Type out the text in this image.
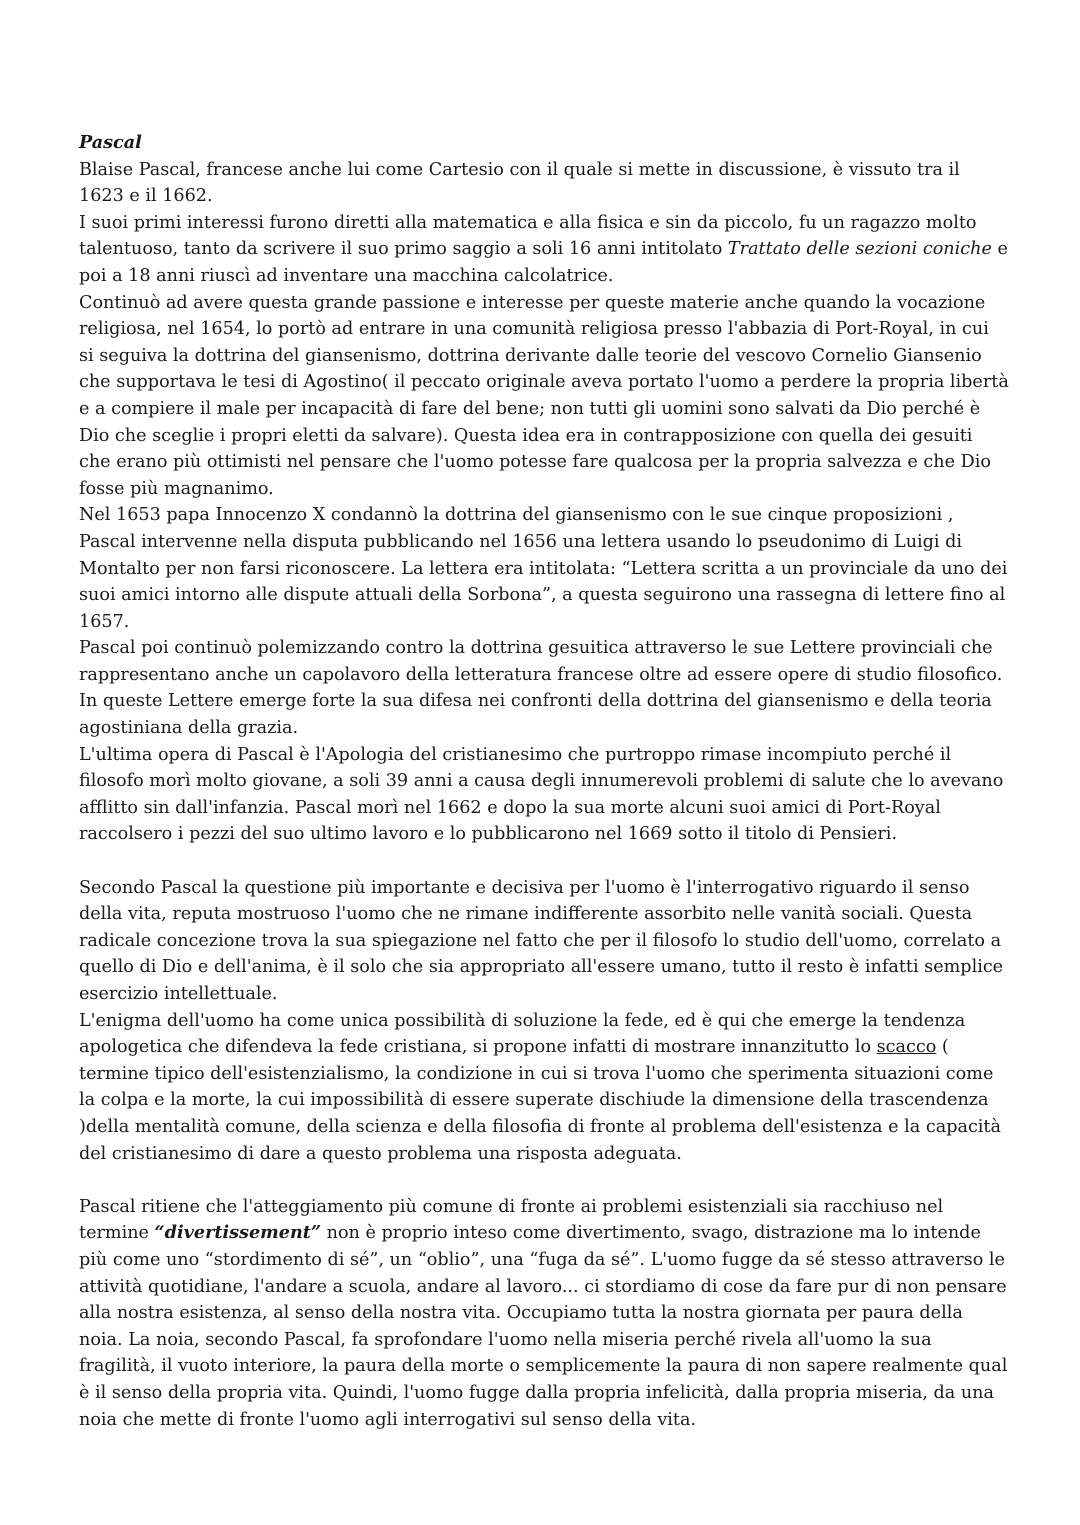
Pascal

Blaise Pascal, francese anche lui come Cartesio con il quale si mette in discussione, è vissuto tra il 1623 e il 1662.

I suoi primi interessi furono diretti alla matematica e alla fisica e sin da piccolo, fu un ragazzo molto talentuoso, tanto da scrivere il suo primo saggio a soli 16 anni intitolato Trattato delle sezioni coniche e poi a 18 anni riuscì ad inventare una macchina calcolatrice.

Continuò ad avere questa grande passione e interesse per queste materie anche quando la vocazione religiosa, nel 1654, lo portò ad entrare in una comunità religiosa presso l'abbazia di Port-Royal, in cui si seguiva la dottrina del giansenismo, dottrina derivante dalle teorie del vescovo Cornelio Giansenio che supportava le tesi di Agostino( il peccato originale aveva portato l'uomo a perdere la propria libertà e a compiere il male per incapacità di fare del bene; non tutti gli uomini sono salvati da Dio perché è Dio che sceglie i propri eletti da salvare). Questa idea era in contrapposizione con quella dei gesuiti che erano più ottimisti nel pensare che l'uomo potesse fare qualcosa per la propria salvezza e che Dio fosse più magnanimo.

Nel 1653 papa Innocenzo X condannò la dottrina del giansenismo con le sue cinque proposizioni , Pascal intervenne nella disputa pubblicando nel 1656 una lettera usando lo pseudonimo di Luigi di Montalto per non farsi riconoscere. La lettera era intitolata: “Lettera scritta a un provinciale da uno dei suoi amici intorno alle dispute attuali della Sorbona”, a questa seguirono una rassegna di lettere fino al 1657.

Pascal poi continuò polemizzando contro la dottrina gesuitica attraverso le sue Lettere provinciali che rappresentano anche un capolavoro della letteratura francese oltre ad essere opere di studio filosofico. In queste Lettere emerge forte la sua difesa nei confronti della dottrina del giansenismo e della teoria agostiniana della grazia.

L'ultima opera di Pascal è l'Apologia del cristianesimo che purtroppo rimase incompiuto perché il filosofo morì molto giovane, a soli 39 anni a causa degli innumerevoli problemi di salute che lo avevano afflitto sin dall'infanzia. Pascal morì nel 1662 e dopo la sua morte alcuni suoi amici di Port-Royal raccolsero i pezzi del suo ultimo lavoro e lo pubblicarono nel 1669 sotto il titolo di Pensieri.

Secondo Pascal la questione più importante e decisiva per l'uomo è l'interrogativo riguardo il senso della vita, reputa mostruoso l'uomo che ne rimane indifferente assorbito nelle vanità sociali. Questa radicale concezione trova la sua spiegazione nel fatto che per il filosofo lo studio dell'uomo, correlato a quello di Dio e dell'anima, è il solo che sia appropriato all'essere umano, tutto il resto è infatti semplice esercizio intellettuale.

L'enigma dell'uomo ha come unica possibilità di soluzione la fede, ed è qui che emerge la tendenza apologetica che difendeva la fede cristiana, si propone infatti di mostrare innanzitutto lo scacco ( termine tipico dell'esistenzialismo, la condizione in cui si trova l'uomo che sperimenta situazioni come la colpa e la morte, la cui impossibilità di essere superate dischiude la dimensione della trascendenza )della mentalità comune, della scienza e della filosofia di fronte al problema dell'esistenza e la capacità del cristianesimo di dare a questo problema una risposta adeguata.

Pascal ritiene che l'atteggiamento più comune di fronte ai problemi esistenziali sia racchiuso nel termine “divertissement” non è proprio inteso come divertimento, svago, distrazione ma lo intende più come uno “stordimento di sé”, un “oblio”, una “fuga da sé”. L'uomo fugge da sé stesso attraverso le attività quotidiane, l'andare a scuola, andare al lavoro... ci stordiamo di cose da fare pur di non pensare alla nostra esistenza, al senso della nostra vita. Occupiamo tutta la nostra giornata per paura della noia. La noia, secondo Pascal, fa sprofondare l'uomo nella miseria perché rivela all'uomo la sua fragilità, il vuoto interiore, la paura della morte o semplicemente la paura di non sapere realmente qual è il senso della propria vita. Quindi, l'uomo fugge dalla propria infelicità, dalla propria miseria, da una noia che mette di fronte l'uomo agli interrogativi sul senso della vita.
